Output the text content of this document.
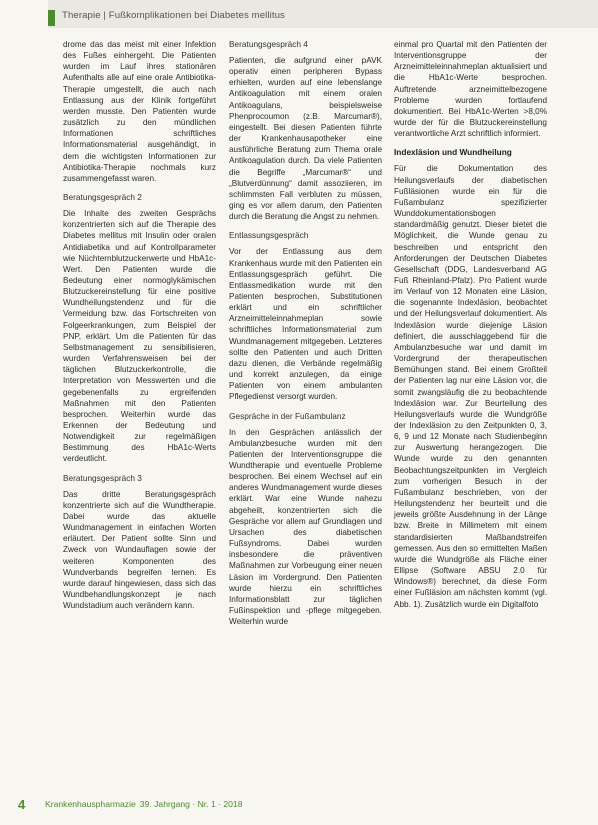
Therapie | Fußkomplikationen bei Diabetes mellitus

drome das das meist mit einer Infektion des Fußes einhergeht. Die Patienten wurden im Lauf ihres stationären Aufenthalts alle auf eine orale Antibiotika-Therapie umgestellt, die auch nach Entlassung aus der Klinik fortgeführt werden musste. Den Patienten wurde zusätzlich zu den mündlichen Informationen schriftliches Informationsmaterial ausgehändigt, in dem die wichtigsten Informationen zur Antibiotika-Therapie nochmals kurz zusammengefasst waren.

Beratungsgespräch 2

Die Inhalte des zweiten Gesprächs konzentrierten sich auf die Therapie des Diabetes mellitus mit Insulin oder oralen Antidiabetika und auf Kontrollparameter wie Nüchternblutzuckerwerte und HbA1c-Wert. Den Patienten wurde die Bedeutung einer normoglykämischen Blutzuckereinstellung für eine positive Wundheilungstendenz und für die Vermeidung bzw. das Fortschreiten von Folgeerkrankungen, zum Beispiel der PNP, erklärt. Um die Patienten für das Selbstmanagement zu sensibilisieren, wurden Verfahrensweisen bei der täglichen Blutzuckerkontrolle, die Interpretation von Messwerten und die gegebenenfalls zu ergreifenden Maßnahmen mit den Patienten besprochen. Weiterhin wurde das Erkennen der Bedeutung und Notwendigkeit zur regelmäßigen Bestimmung des HbA1c-Werts verdeutlicht.

Beratungsgespräch 3

Das dritte Beratungsgespräch konzentrierte sich auf die Wundtherapie. Dabei wurde das aktuelle Wundmanagement in einfachen Worten erläutert. Der Patient sollte Sinn und Zweck von Wundauflagen sowie der weiteren Komponenten des Wundverbands begreifen lernen. Es wurde darauf hingewiesen, dass sich das Wundbehandlungskonzept je nach Wundstadium auch verändern kann.

Beratungsgespräch 4

Patienten, die aufgrund einer pAVK operativ einen peripheren Bypass erhielten, wurden auf eine lebenslange Antikoagulation mit einem oralen Antikoagulans, beispielsweise Phenprocoumon (z.B. Marcumar®), eingestellt. Bei diesen Patienten führte der Krankenhausapotheker eine ausführliche Beratung zum Thema orale Antikoagulation durch. Da viele Patienten die Begriffe „Marcumar®“ und „Blutverdünnung“ damit assoziieren, im schlimmsten Fall verbluten zu müssen, ging es vor allem darum, den Patienten durch die Beratung die Angst zu nehmen.

Entlassungsgespräch

Vor der Entlassung aus dem Krankenhaus wurde mit den Patienten ein Entlassungsgespräch geführt. Die Entlassmedikation wurde mit den Patienten besprochen, Substitutionen erklärt und ein schriftlicher Arzneimitteleinnahmeplan sowie schriftliches Informationsmaterial zum Wundmanagement mitgegeben. Letzteres sollte den Patienten und auch Dritten dazu dienen, die Verbände regelmäßig und korrekt anzulegen, da einige Patienten von einem ambulanten Pflegedienst versorgt wurden.

Gespräche in der Fußambulanz

In den Gesprächen anlässlich der Ambulanzbesuche wurden mit den Patienten der Interventionsgruppe die Wundtherapie und eventuelle Probleme besprochen. Bei einem Wechsel auf ein anderes Wundmanagement wurde dieses erklärt. War eine Wunde nahezu abgeheilt, konzentrierten sich die Gespräche vor allem auf Grundlagen und Ursachen des diabetischen Fußsyndroms. Dabei wurden insbesondere die präventiven Maßnahmen zur Vorbeugung einer neuen Läsion im Vordergrund. Den Patienten wurde hierzu ein schriftliches Informationsblatt zur täglichen Fußinspektion und -pflege mitgegeben. Weiterhin wurde

einmal pro Quartal mit den Patienten der Interventionsgruppe der Arzneimitteleinnahmeplan aktualisiert und die HbA1c-Werte besprochen. Auftretende arzneimittelbezogene Probleme wurden fortlaufend dokumentiert. Bei HbA1c-Werten >8,0% wurde der für die Blutzuckereinstellung verantwortliche Arzt schriftlich informiert.

Indexläsion und Wundheilung

Für die Dokumentation des Heilungsverlaufs der diabetischen Fußläsionen wurde ein für die Fußambulanz spezifizierter Wunddokumentationsbogen standardmäßig genutzt. Dieser bietet die Möglichkeit, die Wunde genau zu beschreiben und entspricht den Anforderungen der Deutschen Diabetes Gesellschaft (DDG, Landesverband AG Fuß Rheinland-Pfalz). Pro Patient wurde im Verlauf von 12 Monaten eine Läsion, die sogenannte Indexläsion, beobachtet und der Heilungsverlauf dokumentiert. Als Indexläsion wurde diejenige Läsion definiert, die ausschlaggebend für die Ambulanzbesuche war und damit im Vordergrund der therapeutischen Bemühungen stand. Bei einem Großteil der Patienten lag nur eine Läsion vor, die somit zwangsläufig die zu beobachtende Indexläsion war. Zur Beurteilung des Heilungsverlaufs wurde die Wundgröße der Indexläsion zu den Zeitpunkten 0, 3, 6, 9 und 12 Monate nach Studienbeginn zur Auswertung herangezogen. Die Wunde wurde zu den genannten Beobachtungszeitpunkten im Vergleich zum vorherigen Besuch in der Fußambulanz beschrieben, von der Heilungstendenz her beurteilt und die jeweils größte Ausdehnung in der Länge bzw. Breite in Millimetern mit einem standardisierten Maßbandstreifen gemessen. Aus den so ermittelten Maßen wurde die Wundgröße als Fläche einer Ellipse (Software ABSU 2.0 für Windows®) berechnet, da diese Form einer Fußläsion am nächsten kommt (vgl. Abb. 1). Zusätzlich wurde ein Digitalfoto

4 Krankenhauspharmazie 39. Jahrgang · Nr. 1 · 2018
